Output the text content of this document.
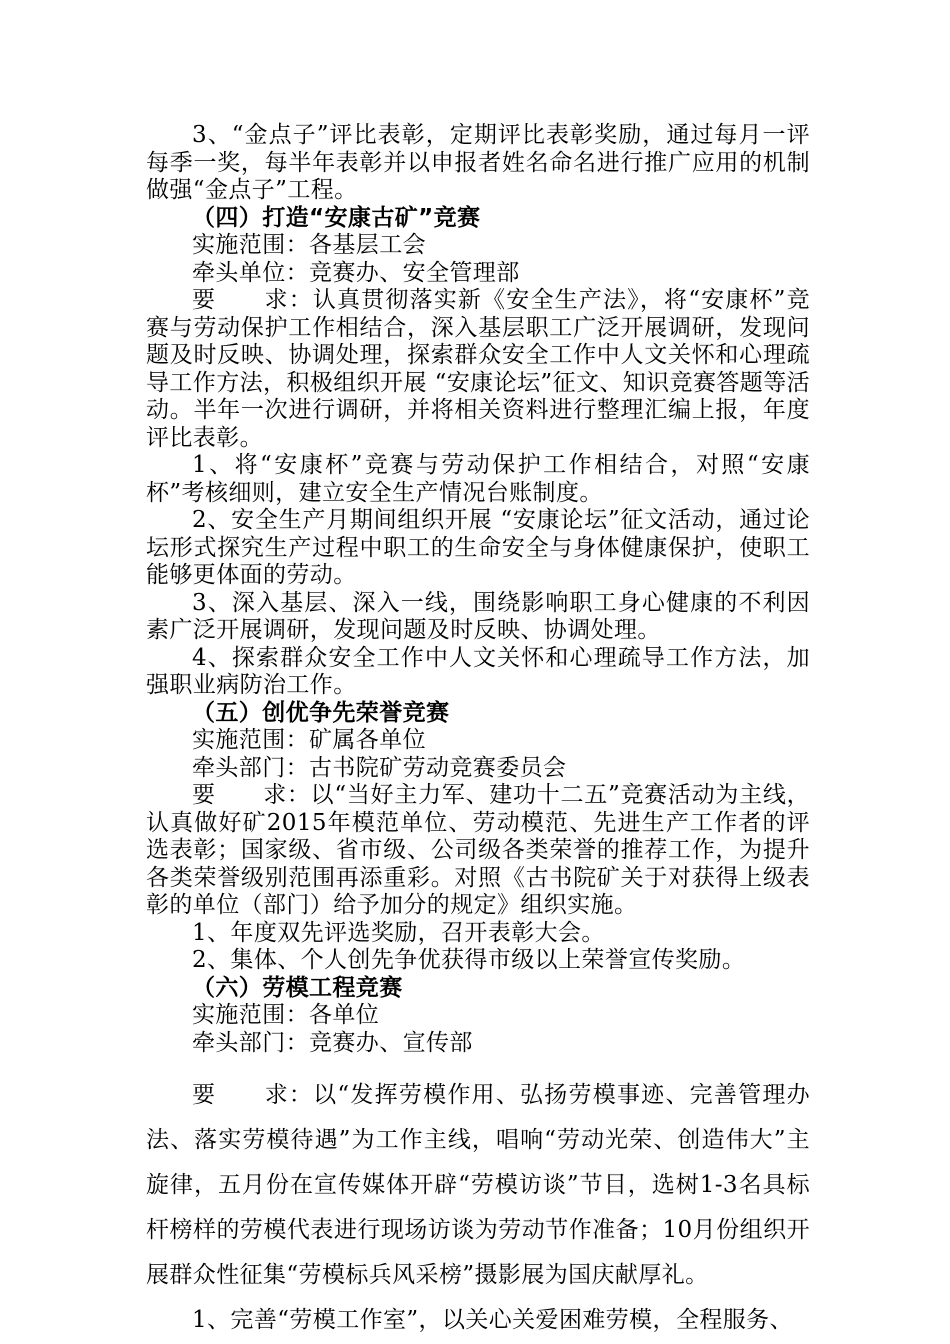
3、“金点子”评比表彰，定期评比表彰奖励，通过每月一评每季一奖，每半年表彰并以申报者姓名命名进行推广应用的机制做强“金点子”工程。

（四）打造“安康古矿”竞赛

实施范围：各基层工会

牵头单位：竞赛办、安全管理部

要　　求：认真贯彻落实新《安全生产法》，将“安康杯”竞赛与劳动保护工作相结合，深入基层职工广泛开展调研，发现问题及时反映、协调处理，探索群众安全工作中人文关怀和心理疏导工作方法，积极组织开展 “安康论坛”征文、知识竞赛答题等活动。半年一次进行调研，并将相关资料进行整理汇编上报，年度评比表彰。

1、将“安康杯”竞赛与劳动保护工作相结合，对照“安康杯”考核细则，建立安全生产情况台账制度。

2、安全生产月期间组织开展 “安康论坛”征文活动，通过论坛形式探究生产过程中职工的生命安全与身体健康保护，使职工能够更体面的劳动。

3、深入基层、深入一线，围绕影响职工身心健康的不利因素广泛开展调研，发现问题及时反映、协调处理。

4、探索群众安全工作中人文关怀和心理疏导工作方法，加强职业病防治工作。

（五）创优争先荣誉竞赛

实施范围：矿属各单位

牵头部门：古书院矿劳动竞赛委员会

要　　求：以“当好主力军、建功十二五”竞赛活动为主线，认真做好矿2015年模范单位、劳动模范、先进生产工作者的评选表彰；国家级、省市级、公司级各类荣誉的推荐工作，为提升各类荣誉级别范围再添重彩。对照《古书院矿关于对获得上级表彰的单位（部门）给予加分的规定》组织实施。

1、年度双先评选奖励，召开表彰大会。

2、集体、个人创先争优获得市级以上荣誉宣传奖励。

（六）劳模工程竞赛

实施范围：各单位

牵头部门：竞赛办、宣传部

要　　求：以“发挥劳模作用、弘扬劳模事迹、完善管理办法、落实劳模待遇”为工作主线，唱响“劳动光荣、创造伟大”主旋律，五月份在宣传媒体开辟“劳模访谈”节目，选树1-3名具标杆榜样的劳模代表进行现场访谈为劳动节作准备；10月份组织开展群众性征集“劳模标兵风采榜”摄影展为国庆献厚礼。

1、完善“劳模工作室”，以关心关爱困难劳模，全程服务、
